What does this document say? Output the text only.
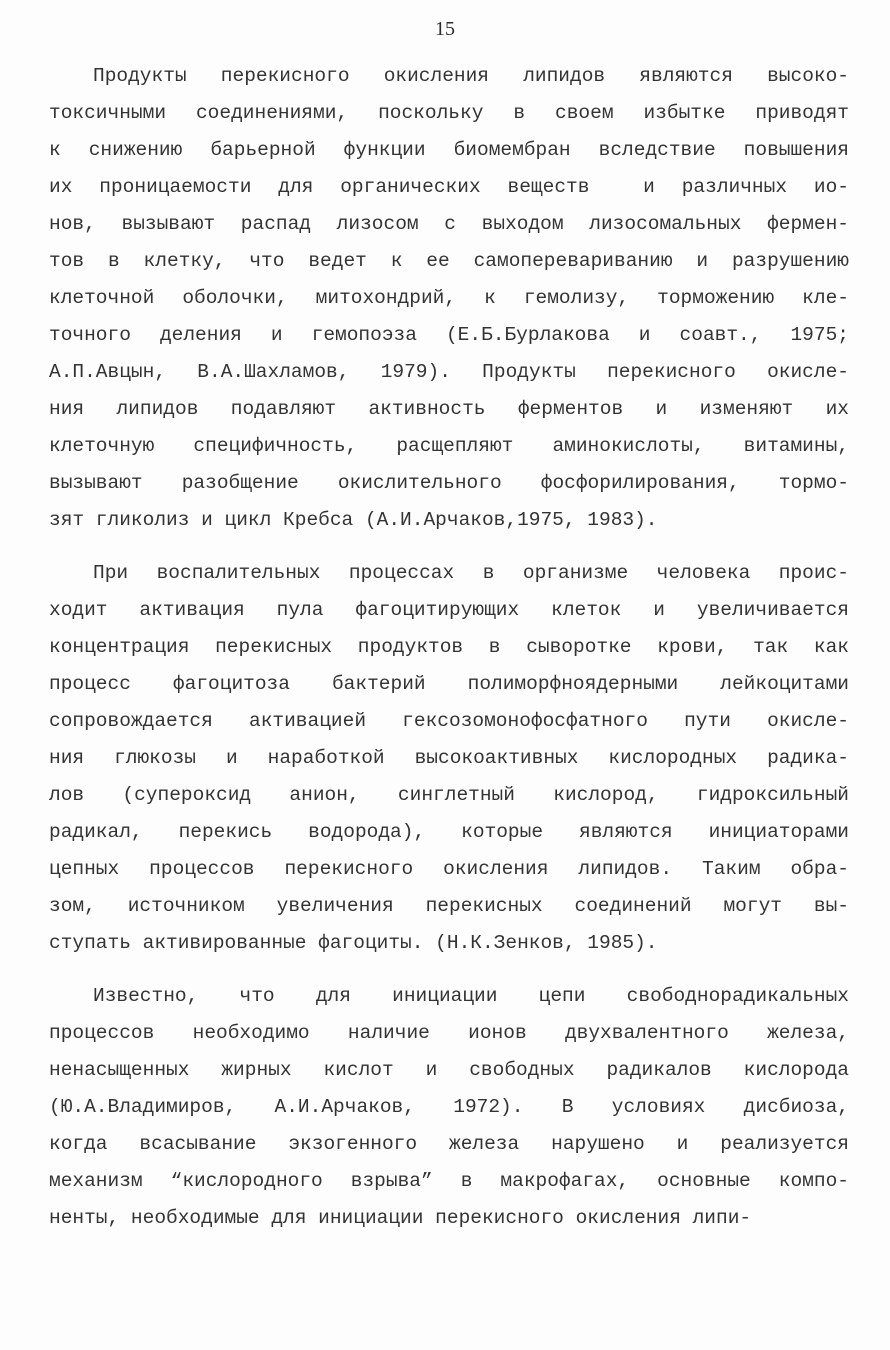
15
Продукты перекисного окисления липидов являются высоко-
токсичными соединениями, поскольку в своем избытке приводят
к снижению барьерной функции биомембран вследствие повышения
их проницаемости для органических веществ  и различных ио-
нов, вызывают распад лизосом с выходом лизосомальных фермен-
тов в клетку, что ведет к ее самоперевариванию и разрушению
клеточной оболочки, митохондрий, к гемолизу, торможению кле-
точного деления и гемопоэза (Е.Б.Бурлакова и соавт., 1975;
А.П.Авцын, В.А.Шахламов, 1979). Продукты перекисного окисле-
ния липидов подавляют активность ферментов и изменяют их
клеточную специфичность, расщепляют аминокислоты, витамины,
вызывают разобщение окислительного фосфорилирования, тормо-
зят гликолиз и цикл Кребса (А.И.Арчаков,1975, 1983).
При воспалительных процессах в организме человека проис-
ходит активация пула фагоцитирующих клеток и увеличивается
концентрация перекисных продуктов в сыворотке крови, так как
процесс фагоцитоза бактерий полиморфноядерными лейкоцитами
сопровождается активацией гексозомонофосфатного пути окисле-
ния глюкозы и наработкой высокоактивных кислородных радика-
лов (супероксид анион, синглетный кислород, гидроксильный
радикал, перекись водорода), которые являются инициаторами
цепных процессов перекисного окисления липидов. Таким обра-
зом, источником увеличения перекисных соединений могут вы-
ступать активированные фагоциты. (Н.К.Зенков, 1985).
Известно, что для инициации цепи свободнорадикальных
процессов необходимо наличие ионов двухвалентного железа,
ненасыщенных жирных кислот и свободных радикалов кислорода
(Ю.А.Владимиров, А.И.Арчаков, 1972). В условиях дисбиоза,
когда всасывание экзогенного железа нарушено и реализуется
механизм “кислородного взрыва” в макрофагах, основные компо-
ненты, необходимые для инициации перекисного окисления липи-
